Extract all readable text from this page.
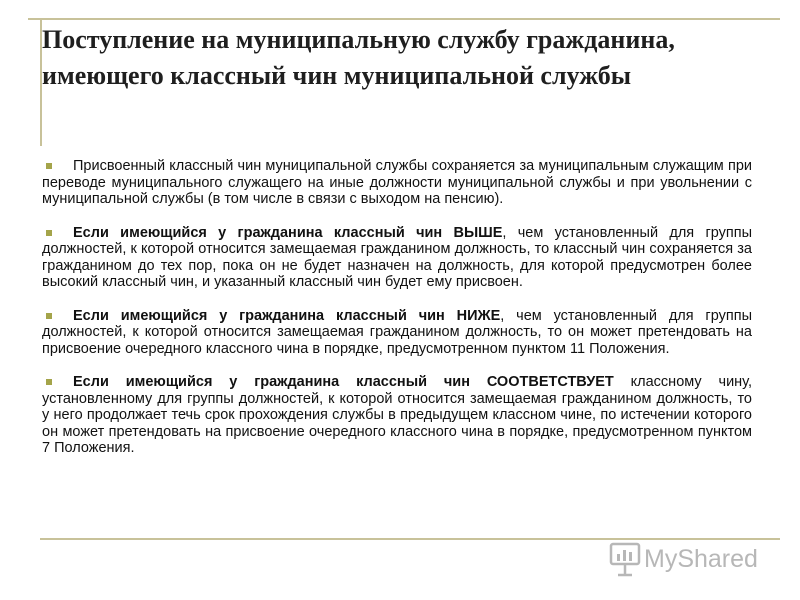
Поступление на муниципальную службу гражданина, имеющего классный чин муниципальной службы
Присвоенный классный чин муниципальной службы сохраняется за муниципальным служащим при переводе муниципального служащего на иные должности муниципальной службы и при увольнении с муниципальной службы (в том числе в связи с выходом на пенсию).
Если имеющийся у гражданина классный чин ВЫШЕ, чем установленный для группы должностей, к которой относится замещаемая гражданином должность, то классный чин сохраняется за гражданином до тех пор, пока он не будет назначен на должность, для которой предусмотрен более высокий классный чин, и указанный классный чин будет ему присвоен.
Если имеющийся у гражданина классный чин НИЖЕ, чем установленный для группы должностей, к которой относится замещаемая гражданином должность, то он может претендовать на присвоение очередного классного чина в порядке, предусмотренном пунктом 11 Положения.
Если имеющийся у гражданина классный чин СООТВЕТСТВУЕТ классному чину, установленному для группы должностей, к которой относится замещаемая гражданином должность, то у него продолжает течь срок прохождения службы в предыдущем классном чине, по истечении которого он может претендовать на присвоение очередного классного чина в порядке, предусмотренном пунктом 7 Положения.
MyShared
